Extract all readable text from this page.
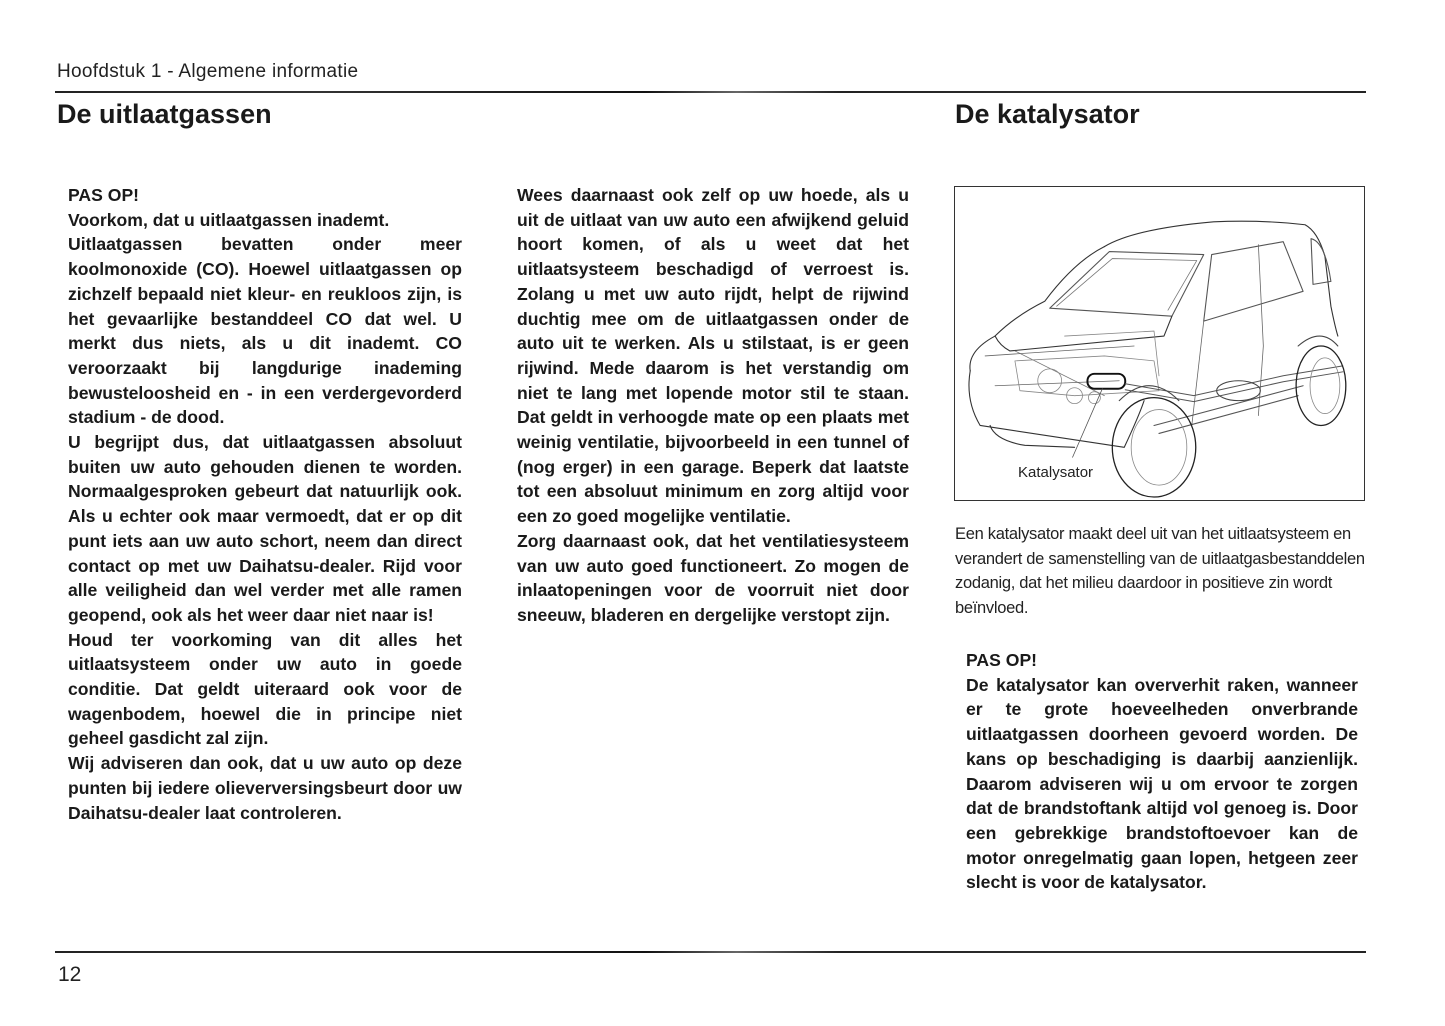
Hoofdstuk 1 - Algemene informatie
De uitlaatgassen	De katalysator
PAS OP!

Voorkom, dat u uitlaatgassen inademt.

Uitlaatgassen bevatten onder meer koolmonoxide (CO). Hoewel uitlaatgassen op zichzelf bepaald niet kleur- en reukloos zijn, is het gevaarlijke bestanddeel CO dat wel. U merkt dus niets, als u dit inademt. CO veroorzaakt bij langdurige inademing bewusteloosheid en - in een verdergevorderd stadium - de dood.

U begrijpt dus, dat uitlaatgassen absoluut buiten uw auto gehouden dienen te worden. Normaalgesproken gebeurt dat natuurlijk ook. Als u echter ook maar vermoedt, dat er op dit punt iets aan uw auto schort, neem dan direct contact op met uw Daihatsu-dealer. Rijd voor alle veiligheid dan wel verder met alle ramen geopend, ook als het weer daar niet naar is!

Houd ter voorkoming van dit alles het uitlaatsysteem onder uw auto in goede conditie. Dat geldt uiteraard ook voor de wagenbodem, hoewel die in principe niet geheel gasdicht zal zijn.

Wij adviseren dan ook, dat u uw auto op deze punten bij iedere olieverversingsbeurt door uw Daihatsu-dealer laat controleren.

Wees daarnaast ook zelf op uw hoede, als u uit de uitlaat van uw auto een afwijkend geluid hoort komen, of als u weet dat het uitlaatsysteem beschadigd of verroest is. Zolang u met uw auto rijdt, helpt de rijwind duchtig mee om de uitlaatgassen onder de auto uit te werken. Als u stilstaat, is er geen rijwind. Mede daarom is het verstandig om niet te lang met lopende motor stil te staan. Dat geldt in verhoogde mate op een plaats met weinig ventilatie, bijvoorbeeld in een tunnel of (nog erger) in een garage. Beperk dat laatste tot een absoluut minimum en zorg altijd voor een zo goed mogelijke ventilatie.

Zorg daarnaast ook, dat het ventilatiesysteem van uw auto goed functioneert. Zo mogen de inlaatopeningen voor de voorruit niet door sneeuw, bladeren en dergelijke verstopt zijn.

Katalysator
Een katalysator maakt deel uit van het uitlaatsysteem en verandert de samenstelling van de uitlaatgasbestanddelen zodanig, dat het milieu daardoor in positieve zin wordt beïnvloed.
PAS OP!

De katalysator kan oververhit raken, wanneer er te grote hoeveelheden onverbrande uitlaatgassen doorheen gevoerd worden. De kans op beschadiging is daarbij aanzienlijk. Daarom adviseren wij u om ervoor te zorgen dat de brandstoftank altijd vol genoeg is. Door een gebrekkige brandstoftoevoer kan de motor onregelmatig gaan lopen, hetgeen zeer slecht is voor de katalysator.

12
